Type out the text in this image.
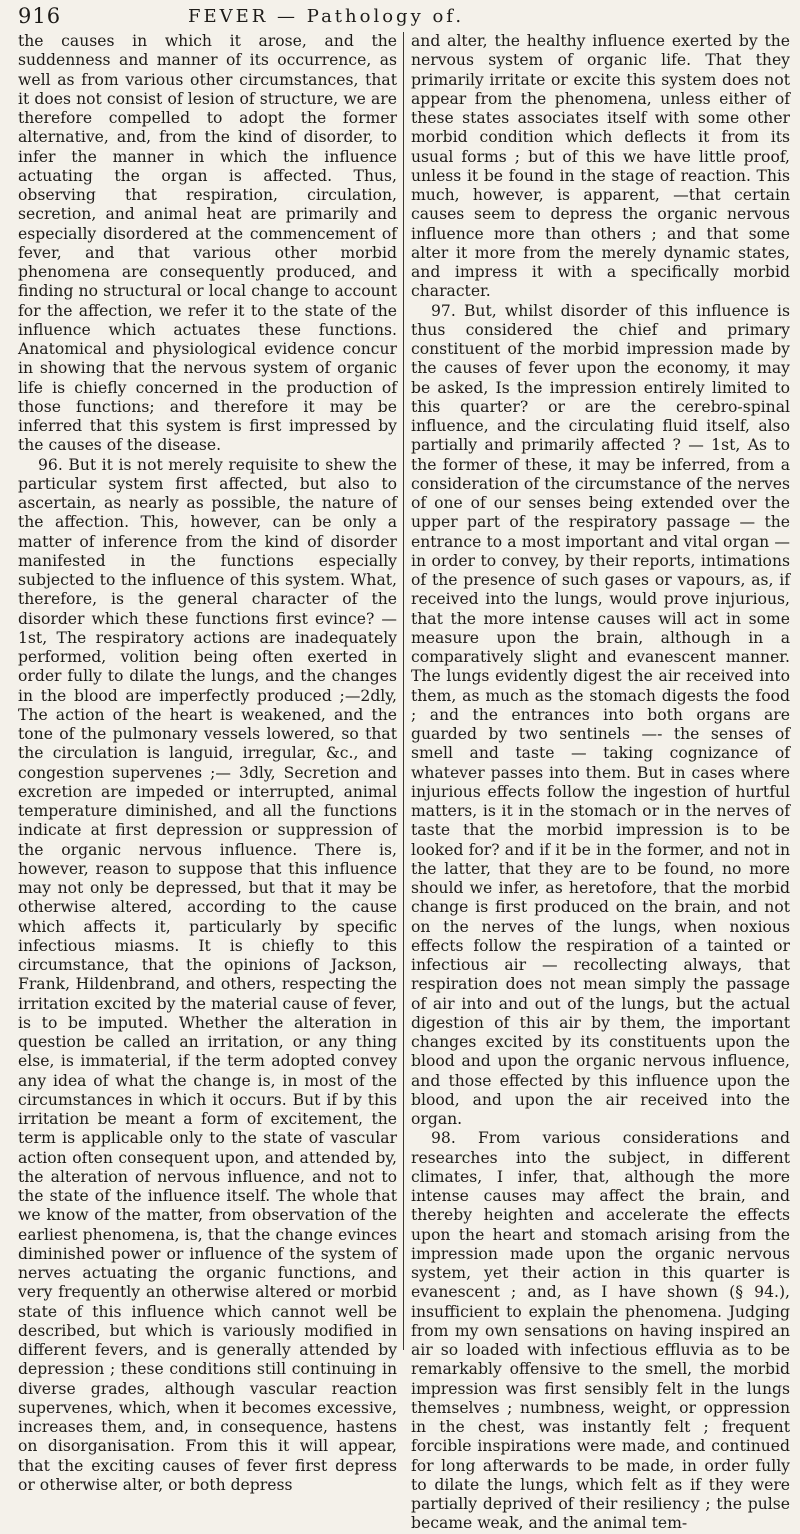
916	FEVER — Pathology of.

the causes in which it arose, and the suddenness and manner of its occurrence, as well as from various other circumstances, that it does not consist of lesion of structure, we are therefore compelled to adopt the former alternative, and, from the kind of disorder, to infer the manner in which the influence actuating the organ is affected. Thus, observing that respiration, circulation, secretion, and animal heat are primarily and especially disordered at the commencement of fever, and that various other morbid phenomena are consequently produced, and finding no structural or local change to account for the affection, we refer it to the state of the influence which actuates these functions. Anatomical and physiological evidence concur in showing that the nervous system of organic life is chiefly concerned in the production of those functions; and therefore it may be inferred that this system is first impressed by the causes of the disease.

96. But it is not merely requisite to shew the particular system first affected, but also to ascertain, as nearly as possible, the nature of the affection. This, however, can be only a matter of inference from the kind of disorder manifested in the functions especially subjected to the influence of this system. What, therefore, is the general character of the disorder which these functions first evince? — 1st, The respiratory actions are inadequately performed, volition being often exerted in order fully to dilate the lungs, and the changes in the blood are imperfectly produced ;—2dly, The action of the heart is weakened, and the tone of the pulmonary vessels lowered, so that the circulation is languid, irregular, &c., and congestion supervenes ;— 3dly, Secretion and excretion are impeded or interrupted, animal temperature diminished, and all the functions indicate at first depression or suppression of the organic nervous influence. There is, however, reason to suppose that this influence may not only be depressed, but that it may be otherwise altered, according to the cause which affects it, particularly by specific infectious miasms. It is chiefly to this circumstance, that the opinions of Jackson, Frank, Hildenbrand, and others, respecting the irritation excited by the material cause of fever, is to be imputed. Whether the alteration in question be called an irritation, or any thing else, is immaterial, if the term adopted convey any idea of what the change is, in most of the circumstances in which it occurs. But if by this irritation be meant a form of excitement, the term is applicable only to the state of vascular action often consequent upon, and attended by, the alteration of nervous influence, and not to the state of the influence itself. The whole that we know of the matter, from observation of the earliest phenomena, is, that the change evinces diminished power or influence of the system of nerves actuating the organic functions, and very frequently an otherwise altered or morbid state of this influence which cannot well be described, but which is variously modified in different fevers, and is generally attended by depression ; these conditions still continuing in diverse grades, although vascular reaction supervenes, which, when it becomes excessive, increases them, and, in consequence, hastens on disorganisation. From this it will appear, that the exciting causes of fever first depress or otherwise alter, or both depress

and alter, the healthy influence exerted by the nervous system of organic life. That they primarily irritate or excite this system does not appear from the phenomena, unless either of these states associates itself with some other morbid condition which deflects it from its usual forms ; but of this we have little proof, unless it be found in the stage of reaction. This much, however, is apparent, —that certain causes seem to depress the organic nervous influence more than others ; and that some alter it more from the merely dynamic states, and impress it with a specifically morbid character.

97. But, whilst disorder of this influence is thus considered the chief and primary constituent of the morbid impression made by the causes of fever upon the economy, it may be asked, Is the impression entirely limited to this quarter? or are the cerebro-spinal influence, and the circulating fluid itself, also partially and primarily affected ? — 1st, As to the former of these, it may be inferred, from a consideration of the circumstance of the nerves of one of our senses being extended over the upper part of the respiratory passage — the entrance to a most important and vital organ — in order to convey, by their reports, intimations of the presence of such gases or vapours, as, if received into the lungs, would prove injurious, that the more intense causes will act in some measure upon the brain, although in a comparatively slight and evanescent manner. The lungs evidently digest the air received into them, as much as the stomach digests the food ; and the entrances into both organs are guarded by two sentinels —- the senses of smell and taste — taking cognizance of whatever passes into them. But in cases where injurious effects follow the ingestion of hurtful matters, is it in the stomach or in the nerves of taste that the morbid impression is to be looked for? and if it be in the former, and not in the latter, that they are to be found, no more should we infer, as heretofore, that the morbid change is first produced on the brain, and not on the nerves of the lungs, when noxious effects follow the respiration of a tainted or infectious air — recollecting always, that respiration does not mean simply the passage of air into and out of the lungs, but the actual digestion of this air by them, the important changes excited by its constituents upon the blood and upon the organic nervous influence, and those effected by this influence upon the blood, and upon the air received into the organ.

98. From various considerations and researches into the subject, in different climates, I infer, that, although the more intense causes may affect the brain, and thereby heighten and accelerate the effects upon the heart and stomach arising from the impression made upon the organic nervous system, yet their action in this quarter is evanescent ; and, as I have shown (§ 94.), insufficient to explain the phenomena. Judging from my own sensations on having inspired an air so loaded with infectious effluvia as to be remarkably offensive to the smell, the morbid impression was first sensibly felt in the lungs themselves ; numbness, weight, or oppression in the chest, was instantly felt ; frequent forcible inspirations were made, and continued for long afterwards to be made, in order fully to dilate the lungs, which felt as if they were partially deprived of their resiliency ; the pulse became weak, and the animal tem-
